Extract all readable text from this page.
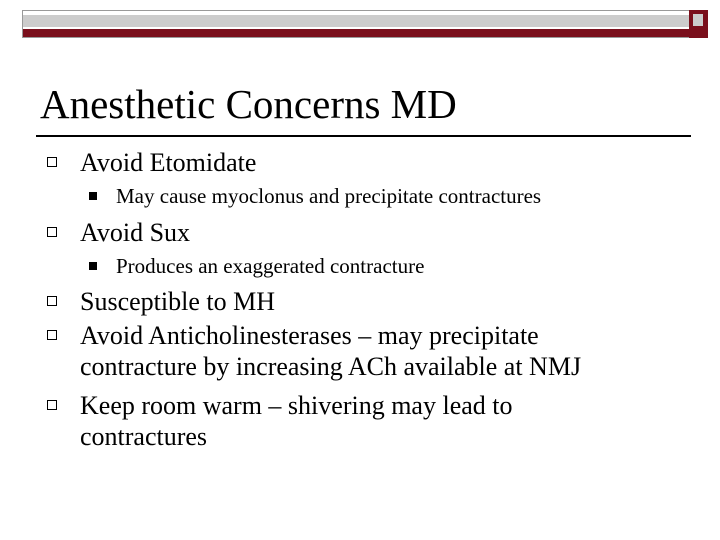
Anesthetic Concerns MD
Avoid Etomidate
May cause myoclonus and precipitate contractures
Avoid Sux
Produces an exaggerated contracture
Susceptible to MH
Avoid Anticholinesterases – may precipitate
contracture by increasing ACh available at NMJ
Keep room warm – shivering may lead to
contractures
